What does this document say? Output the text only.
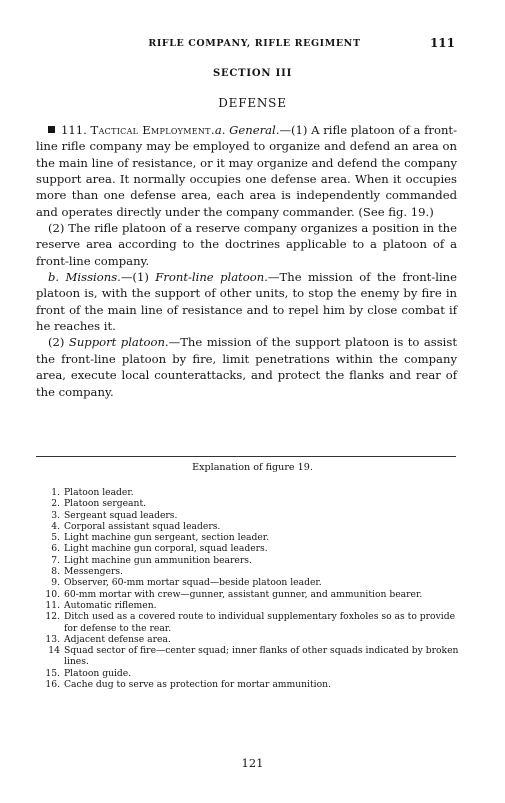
RIFLE COMPANY, RIFLE REGIMENT	111
SECTION III
DEFENSE

111. Tactical Employment.a. General.—(1) A rifle platoon of a front-line rifle company may be employed to organize and defend an area on the main line of resistance, or it may organize and defend the company support area. It normally occupies one defense area. When it occupies more than one defense area, each area is independently commanded and operates directly under the company commander. (See fig. 19.)

(2) The rifle platoon of a reserve company organizes a position in the reserve area according to the doctrines applicable to a platoon of a front-line company.

b. Missions.—(1) Front-line platoon.—The mission of the front-line platoon is, with the support of other units, to stop the enemy by fire in front of the main line of resistance and to repel him by close combat if he reaches it.

(2) Support platoon.—The mission of the support platoon is to assist the front-line platoon by fire, limit penetrations within the company area, execute local counterattacks, and protect the flanks and rear of the company.

Explanation of figure 19.
1. Platoon leader.
2. Platoon sergeant.
3. Sergeant squad leaders.
4. Corporal assistant squad leaders.
5. Light machine gun sergeant, section leader.
6. Light machine gun corporal, squad leaders.
7. Light machine gun ammunition bearers.
8. Messengers.
9. Observer, 60-mm mortar squad—beside platoon leader.
10. 60-mm mortar with crew—gunner, assistant gunner, and ammunition bearer.
11. Automatic riflemen.
12. Ditch used as a covered route to individual supplementary foxholes so as to provide for defense to the rear.
13. Adjacent defense area.
14 Squad sector of fire—center squad; inner flanks of other squads indicated by broken lines.
15. Platoon guide.
16. Cache dug to serve as protection for mortar ammunition.
121
